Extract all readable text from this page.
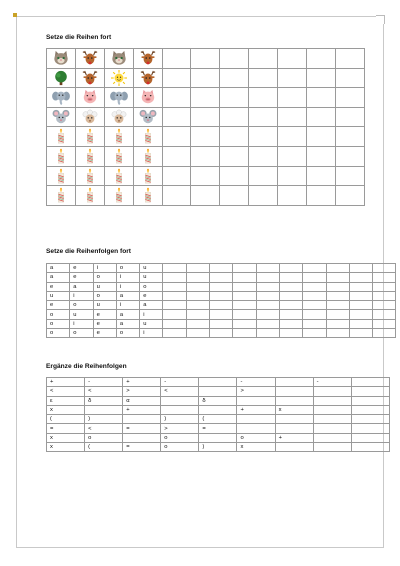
Setze die Reihen fort

Setze die Reihenfolgen fort
a	e	i	o	u										
a	e	o	i	u										
e	a	u	i	o										
u	i	o	a	e										
e	o	u	i	a										
o	u	e	a	i										
o	i	e	a	u										
o	o	e	o	i										
Ergänze die Reihenfolgen
+	-	+	-		-		-	
<	<	>	<		>			
ε	δ	α		δ				
x		+			+	x		
(	)		)	(				
=	<	=	>	=				
x	o		o		o	+		
x	(	=	o	)	x			
